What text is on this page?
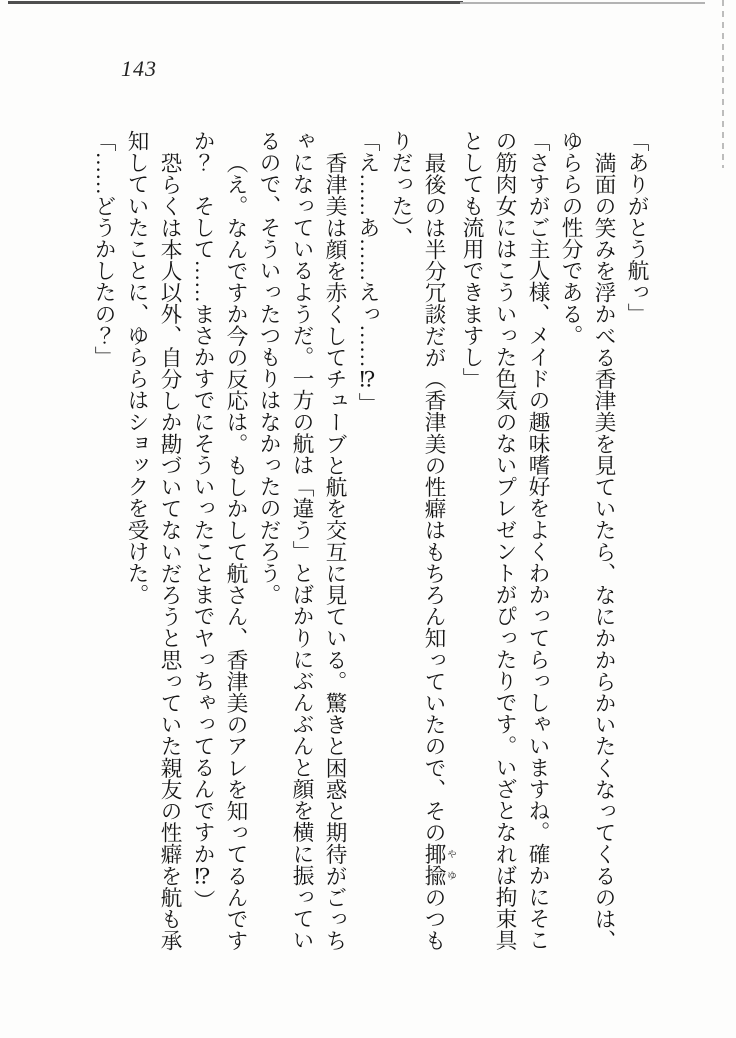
143

「ありがとう航っ」

満面の笑みを浮かべる香津美を見ていたら、なにかからかいたくなってくるのは、ゆららの性分である。

「さすがご主人様、メイドの趣味嗜好をよくわかってらっしゃいますね。確かにそこの筋肉女にはこういった色気のないプレゼントがぴったりです。いざとなれば拘束具としても流用できますし」

最後のは半分冗談だが（香津美の性癖はもちろん知っていたので、その揶揄 やゆのつもりだった）、

「え……あ……えっ……⁉」

香津美は顔を赤くしてチューブと航を交互に見ている。驚きと困惑と期待がごっちゃになっているようだ。一方の航は「違う」とばかりにぶんぶんと顔を横に振っているので、そういったつもりはなかったのだろう。

（え。なんですか今の反応は。もしかして航さん、香津美のアレを知ってるんですか？　そして……まさかすでにそういったことまでヤっちゃってるんですか⁉）

恐らくは本人以外、自分しか勘づいてないだろうと思っていた親友の性癖を航も承知していたことに、ゆららはショックを受けた。

「……どうかしたの？」
